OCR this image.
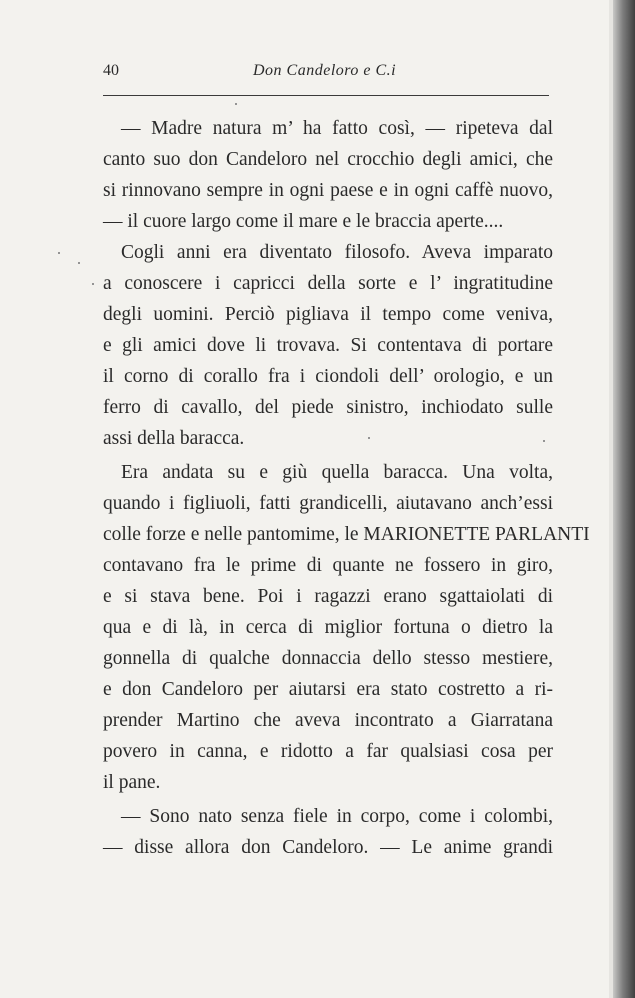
40	Don Candeloro e C.i
— Madre natura m’ ha fatto così, — ripeteva dal
canto suo don Candeloro nel crocchio degli amici, che
si rinnovano sempre in ogni paese e in ogni caffè nuovo,
— il cuore largo come il mare e le braccia aperte....
Cogli anni era diventato filosofo. Aveva imparato
a conoscere i capricci della sorte e l’ ingratitudine
degli uomini. Perciò pigliava il tempo come veniva,
e gli amici dove li trovava. Si contentava di portare
il corno di corallo fra i ciondoli dell’ orologio, e un
ferro di cavallo, del piede sinistro, inchiodato sulle
assi della baracca.
Era andata su e giù quella baracca. Una volta,
quando i figliuoli, fatti grandicelli, aiutavano anch’essi
colle forze e nelle pantomime, le MARIONETTE PARLANTI
contavano fra le prime di quante ne fossero in giro,
e si stava bene. Poi i ragazzi erano sgattaiolati di
qua e di là, in cerca di miglior fortuna o dietro la
gonnella di qualche donnaccia dello stesso mestiere,
e don Candeloro per aiutarsi era stato costretto a ri-
prender Martino che aveva incontrato a Giarratana
povero in canna, e ridotto a far qualsiasi cosa per
il pane.
— Sono nato senza fiele in corpo, come i colombi,
— disse allora don Candeloro. — Le anime grandi
